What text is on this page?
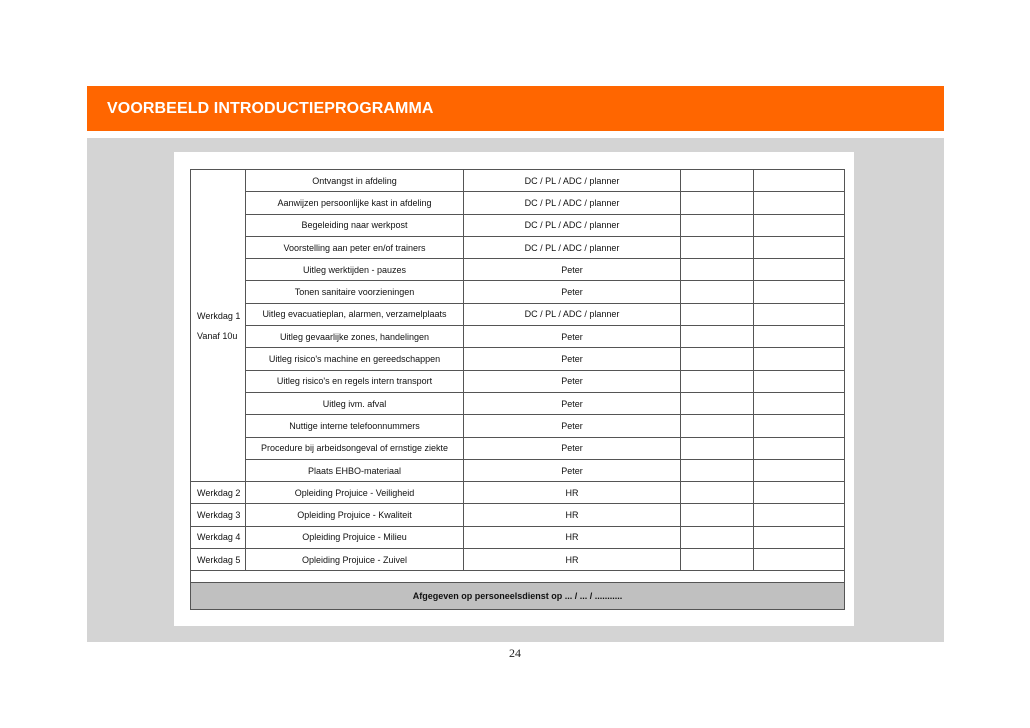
VOORBEELD INTRODUCTIEPROGRAMMA
Werkdag 1
Vanaf 10u	Ontvangst in afdeling	DC / PL / ADC / planner		
	Aanwijzen persoonlijke kast in afdeling	DC / PL / ADC / planner		
	Begeleiding naar werkpost	DC / PL / ADC / planner		
	Voorstelling aan peter en/of trainers	DC / PL / ADC / planner		
	Uitleg werktijden - pauzes	Peter		
	Tonen sanitaire voorzieningen	Peter		
	Uitleg evacuatieplan, alarmen, verzamelplaats	DC / PL / ADC / planner		
	Uitleg gevaarlijke zones, handelingen	Peter		
	Uitleg risico's machine en gereedschappen	Peter		
	Uitleg risico's en regels intern transport	Peter		
	Uitleg ivm. afval	Peter		
	Nuttige interne telefoonnummers	Peter		
	Procedure bij arbeidsongeval of ernstige ziekte	Peter		
	Plaats EHBO-materiaal	Peter		
Werkdag 2	Opleiding Projuice - Veiligheid	HR		
Werkdag 3	Opleiding Projuice - Kwaliteit	HR		
Werkdag 4	Opleiding Projuice - Milieu	HR		
Werkdag 5	Opleiding Projuice - Zuivel	HR		

Afgegeven op personeelsdienst op ... / ... / ...........				
24
